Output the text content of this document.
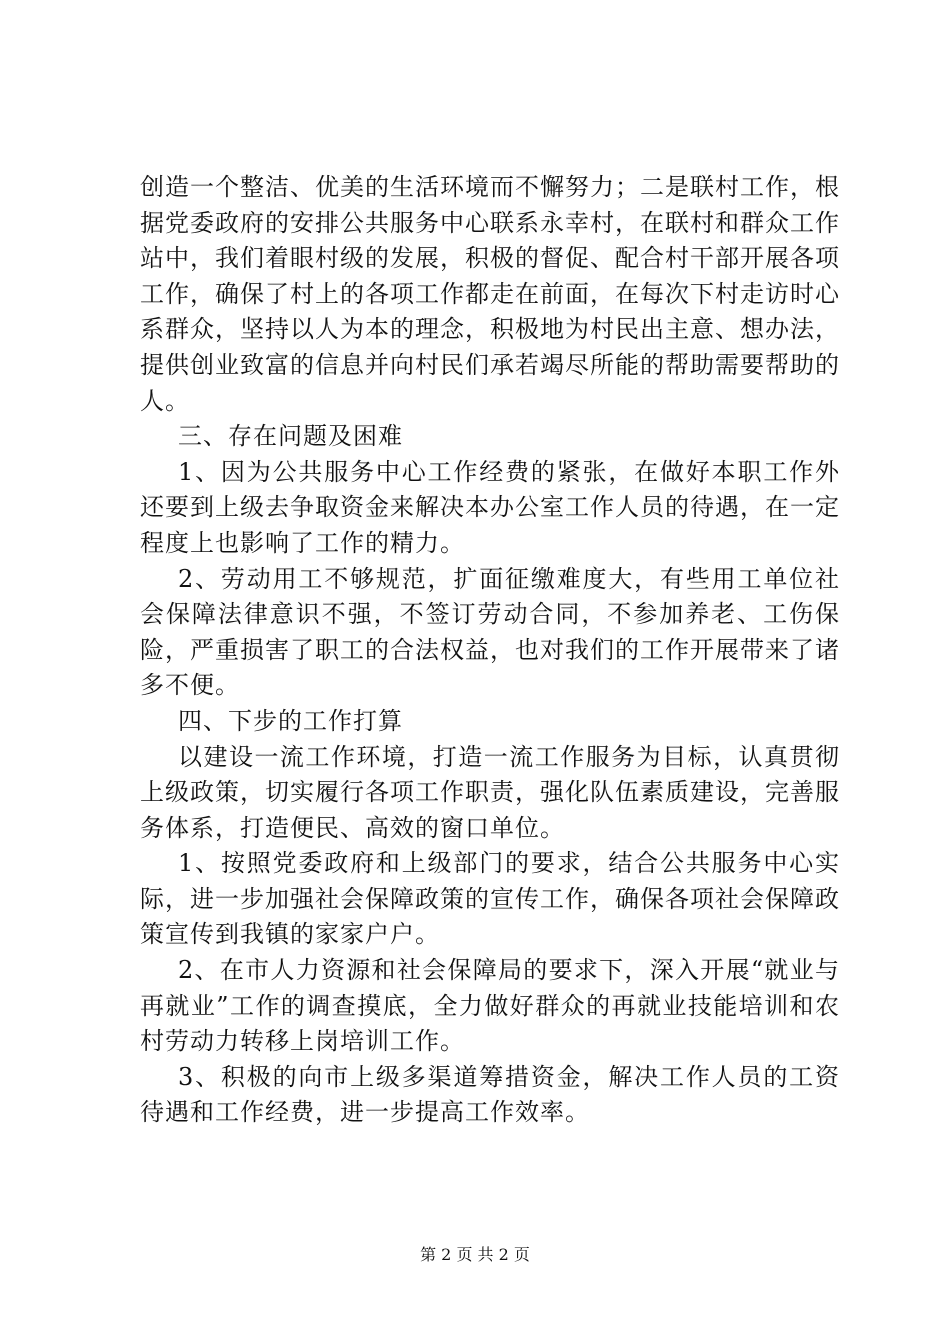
创造一个整洁、优美的生活环境而不懈努力；二是联村工作，根据党委政府的安排公共服务中心联系永幸村，在联村和群众工作站中，我们着眼村级的发展，积极的督促、配合村干部开展各项工作，确保了村上的各项工作都走在前面，在每次下村走访时心系群众，坚持以人为本的理念，积极地为村民出主意、想办法，提供创业致富的信息并向村民们承若竭尽所能的帮助需要帮助的人。

三、存在问题及困难

1、因为公共服务中心工作经费的紧张，在做好本职工作外还要到上级去争取资金来解决本办公室工作人员的待遇，在一定程度上也影响了工作的精力。

2、劳动用工不够规范，扩面征缴难度大，有些用工单位社会保障法律意识不强，不签订劳动合同，不参加养老、工伤保险，严重损害了职工的合法权益，也对我们的工作开展带来了诸多不便。

四、下步的工作打算

以建设一流工作环境，打造一流工作服务为目标，认真贯彻上级政策，切实履行各项工作职责，强化队伍素质建设，完善服务体系，打造便民、高效的窗口单位。

1、按照党委政府和上级部门的要求，结合公共服务中心实际，进一步加强社会保障政策的宣传工作，确保各项社会保障政策宣传到我镇的家家户户。

2、在市人力资源和社会保障局的要求下，深入开展“就业与再就业”工作的调查摸底，全力做好群众的再就业技能培训和农村劳动力转移上岗培训工作。

3、积极的向市上级多渠道筹措资金，解决工作人员的工资待遇和工作经费，进一步提高工作效率。

第 2 页 共 2 页
